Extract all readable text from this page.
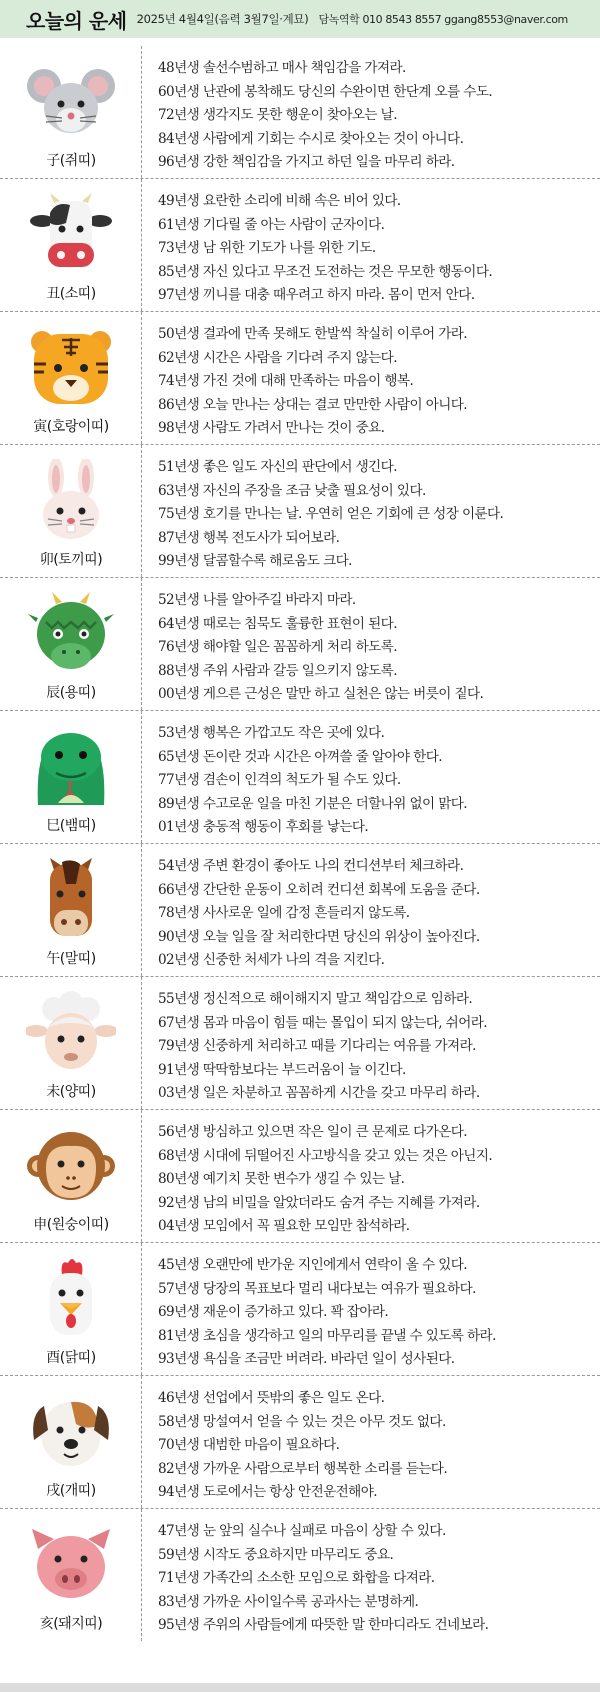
오늘의 운세 2025년 4월4일(음력 3월7일·계묘) 담녹역학 010 8543 8557 ggang8553@naver.com
子(쥐띠)
48년생 솔선수범하고 매사 책임감을 가져라.
60년생 난관에 봉착해도 당신의 수완이면 한단계 오를 수도.
72년생 생각지도 못한 행운이 찾아오는 날.
84년생 사람에게 기회는 수시로 찾아오는 것이 아니다.
96년생 강한 책임감을 가지고 하던 일을 마무리 하라.
丑(소띠)
49년생 요란한 소리에 비해 속은 비어 있다.
61년생 기다릴 줄 아는 사람이 군자이다.
73년생 남 위한 기도가 나를 위한 기도.
85년생 자신 있다고 무조건 도전하는 것은 무모한 행동이다.
97년생 끼니를 대충 때우려고 하지 마라. 몸이 먼저 안다.
寅(호랑이띠)
50년생 결과에 만족 못해도 한발씩 착실히 이루어 가라.
62년생 시간은 사람을 기다려 주지 않는다.
74년생 가진 것에 대해 만족하는 마음이 행복.
86년생 오늘 만나는 상대는 결코 만만한 사람이 아니다.
98년생 사람도 가려서 만나는 것이 중요.
卯(토끼띠)
51년생 좋은 일도 자신의 판단에서 생긴다.
63년생 자신의 주장을 조금 낮출 필요성이 있다.
75년생 호기를 만나는 날. 우연히 얻은 기회에 큰 성장 이룬다.
87년생 행복 전도사가 되어보라.
99년생 달콤할수록 해로움도 크다.
辰(용띠)
52년생 나를 알아주길 바라지 마라.
64년생 때로는 침묵도 훌륭한 표현이 된다.
76년생 해야할 일은 꼼꼼하게 처리 하도록.
88년생 주위 사람과 갈등 일으키지 않도록.
00년생 게으른 근성은 말만 하고 실천은 않는 버릇이 짙다.
巳(뱀띠)
53년생 행복은 가깝고도 작은 곳에 있다.
65년생 돈이란 것과 시간은 아껴쓸 줄 알아야 한다.
77년생 겸손이 인격의 척도가 될 수도 있다.
89년생 수고로운 일을 마친 기분은 더할나위 없이 맑다.
01년생 충동적 행동이 후회를 낳는다.
午(말띠)
54년생 주변 환경이 좋아도 나의 컨디션부터 체크하라.
66년생 간단한 운동이 오히려 컨디션 회복에 도움을 준다.
78년생 사사로운 일에 감정 흔들리지 않도록.
90년생 오늘 일을 잘 처리한다면 당신의 위상이 높아진다.
02년생 신중한 처세가 나의 격을 지킨다.
未(양띠)
55년생 정신적으로 해이해지지 말고 책임감으로 임하라.
67년생 몸과 마음이 힘들 때는 몰입이 되지 않는다, 쉬어라.
79년생 신중하게 처리하고 때를 기다리는 여유를 가져라.
91년생 딱딱함보다는 부드러움이 늘 이긴다.
03년생 일은 차분하고 꼼꼼하게 시간을 갖고 마무리 하라.
申(원숭이띠)
56년생 방심하고 있으면 작은 일이 큰 문제로 다가온다.
68년생 시대에 뒤떨어진 사고방식을 갖고 있는 것은 아닌지.
80년생 예기치 못한 변수가 생길 수 있는 날.
92년생 남의 비밀을 알았더라도 숨겨 주는 지혜를 가져라.
04년생 모임에서 꼭 필요한 모임만 참석하라.
酉(닭띠)
45년생 오랜만에 반가운 지인에게서 연락이 올 수 있다.
57년생 당장의 목표보다 멀리 내다보는 여유가 필요하다.
69년생 재운이 증가하고 있다. 꽉 잡아라.
81년생 초심을 생각하고 일의 마무리를 끝낼 수 있도록 하라.
93년생 욕심을 조금만 버려라. 바라던 일이 성사된다.
戌(개띠)
46년생 선업에서 뜻밖의 좋은 일도 온다.
58년생 망설여서 얻을 수 있는 것은 아무 것도 없다.
70년생 대범한 마음이 필요하다.
82년생 가까운 사람으로부터 행복한 소리를 듣는다.
94년생 도로에서는 항상 안전운전해야.
亥(돼지띠)
47년생 눈 앞의 실수나 실패로 마음이 상할 수 있다.
59년생 시작도 중요하지만 마무리도 중요.
71년생 가족간의 소소한 모임으로 화합을 다져라.
83년생 가까운 사이일수록 공과사는 분명하게.
95년생 주위의 사람들에게 따뜻한 말 한마디라도 건네보라.
